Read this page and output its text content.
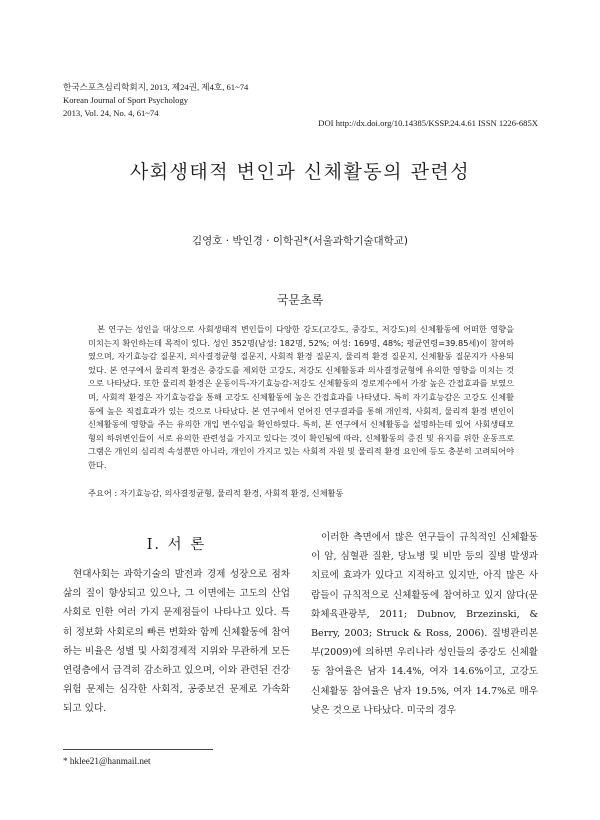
한국스포츠심리학회지, 2013, 제24권, 제4호, 61~74
Korean Journal of Sport Psychology
2013, Vol. 24, No. 4, 61~74
DOI http://dx.doi.org/10.14385/KSSP.24.4.61 ISSN 1226-685X
사회생태적 변인과 신체활동의 관련성
김영호 · 박인경 · 이학권*(서울과학기술대학교)
국문초록

본 연구는 성인을 대상으로 사회생태적 변인들이 다양한 강도(고강도, 중강도, 저강도)의 신체활동에 어떠한 영향을 미치는지 확인하는데 목적이 있다. 성인 352명(남성: 182명, 52%; 여성: 169명, 48%; 평균연령=39.85세)이 참여하였으며, 자기효능감 질문지, 의사결정균형 질문지, 사회적 환경 질문지, 물리적 환경 질문지, 신체활동 질문지가 사용되었다. 본 연구에서 물리적 환경은 중강도를 제외한 고강도, 저강도 신체활동과 의사결정균형에 유의한 영향을 미치는 것으로 나타났다. 또한 물리적 환경은 운동이득-자기효능감-저강도 신체활동의 경로계수에서 가장 높은 간접효과를 보였으며, 사회적 환경은 자기효능감을 통해 고강도 신체활동에 높은 간접효과를 나타냈다. 특히 자기효능감은 고강도 신체활동에 높은 직접효과가 있는 것으로 나타났다. 본 연구에서 얻어진 연구결과를 통해 개인적, 사회적, 물리적 환경 변인이 신체활동에 영향을 주는 유의한 개입 변수임을 확인하였다. 특히, 본 연구에서 신체활동을 설명하는데 있어 사회생태모형의 하위변인들이 서로 유의한 관련성을 가지고 있다는 것이 확인됨에 따라, 신체활동의 증진 및 유지를 위한 운동프로그램은 개인의 심리적 속성뿐만 아니라, 개인이 가지고 있는 사회적 자원 및 물리적 환경 요인에 등도 충분히 고려되어야 한다.

주요어 : 자기효능감, 의사결정균형, 물리적 환경, 사회적 환경, 신체활동
I. 서 론

현대사회는 과학기술의 발전과 경제 성장으로 점차 삶의 질이 향상되고 있으나, 그 이면에는 고도의 산업 사회로 인한 여러 가지 문제점들이 나타나고 있다. 특히 정보화 사회로의 빠른 변화와 함께 신체활동에 참여하는 비율은 성별 및 사회경제적 지위와 무관하게 모든 연령층에서 급격히 감소하고 있으며, 이와 관련된 건강위험 문제는 심각한 사회적, 공중보건 문제로 가속화 되고 있다.

이러한 측면에서 많은 연구들이 규칙적인 신체활동이 암, 심혈관 질환, 당뇨병 및 비만 등의 질병 발생과 치료에 효과가 있다고 지적하고 있지만, 아직 많은 사람들이 규칙적으로 신체활동에 참여하고 있지 않다(문화체육관광부, 2011; Dubnov, Brzezinski, & Berry, 2003; Struck & Ross, 2006). 질병관리본부(2009)에 의하면 우리나라 성인들의 중강도 신체활동 참여율은 남자 14.4%, 여자 14.6%이고, 고강도 신체활동 참여율은 남자 19.5%, 여자 14.7%로 매우 낮은 것으로 나타났다. 미국의 경우

* hklee21@hanmail.net
